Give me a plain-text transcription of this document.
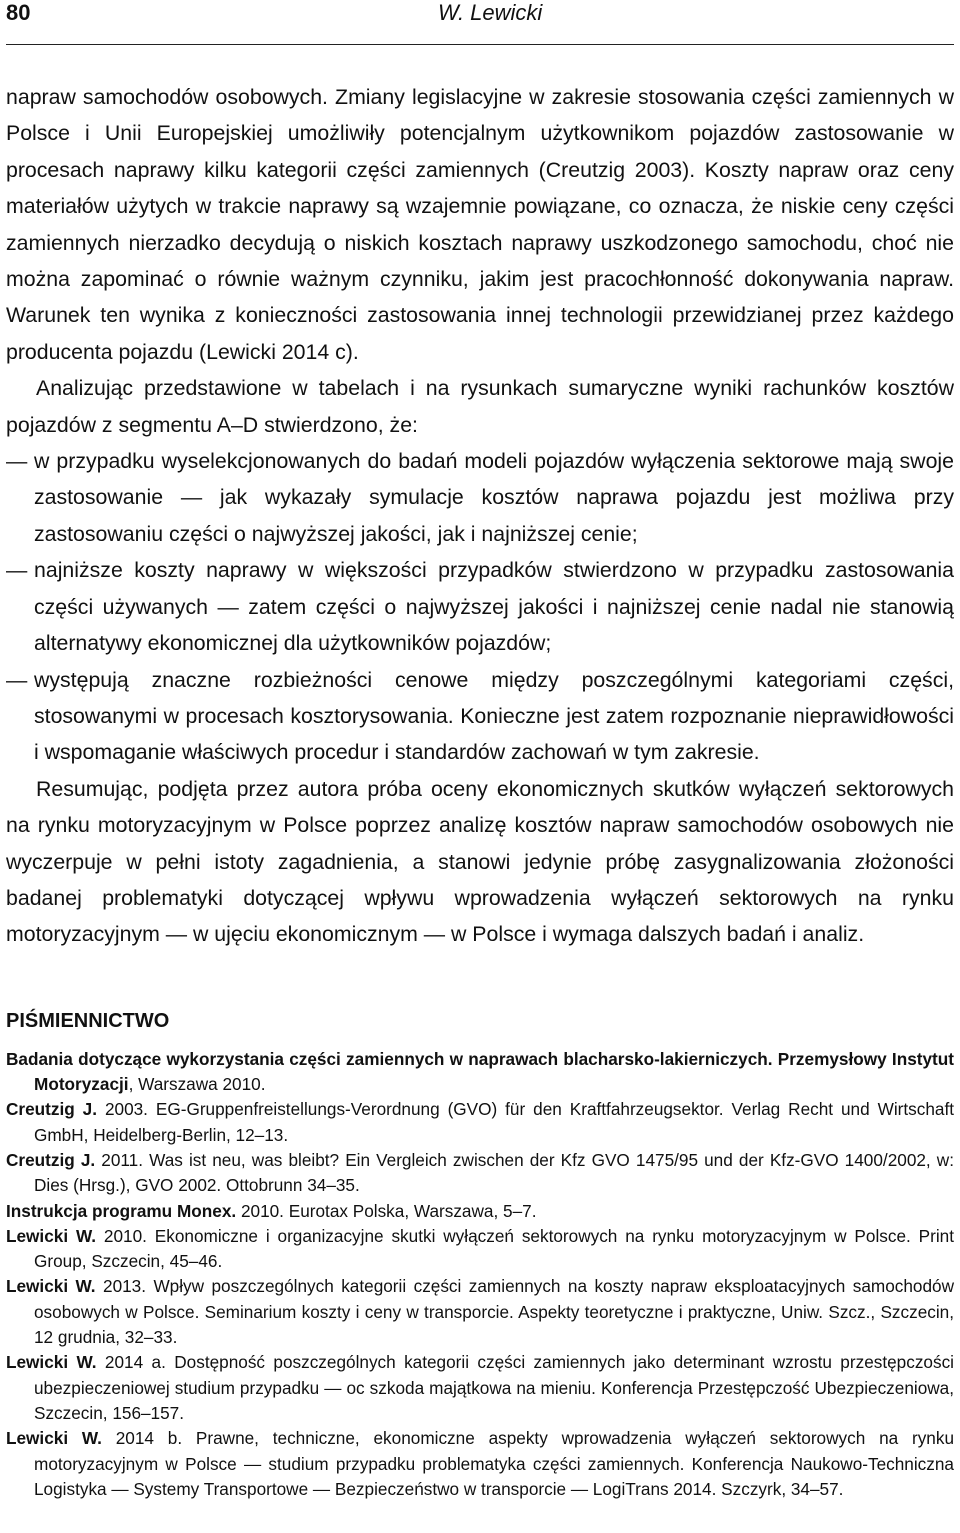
80	W. Lewicki

napraw samochodów osobowych. Zmiany legislacyjne w zakresie stosowania części zamiennych w Polsce i Unii Europejskiej umożliwiły potencjalnym użytkownikom pojazdów zastosowanie w procesach naprawy kilku kategorii części zamiennych (Creutzig 2003). Koszty napraw oraz ceny materiałów użytych w trakcie naprawy są wzajemnie powiązane, co oznacza, że niskie ceny części zamiennych nierzadko decydują o niskich kosztach naprawy uszkodzonego samochodu, choć nie można zapominać o równie ważnym czynniku, jakim jest pracochłonność dokonywania napraw. Warunek ten wynika z konieczności zastosowania innej technologii przewidzianej przez każdego producenta pojazdu (Lewicki 2014 c).

Analizując przedstawione w tabelach i na rysunkach sumaryczne wyniki rachunków kosztów pojazdów z segmentu A–D stwierdzono, że:

— w przypadku wyselekcjonowanych do badań modeli pojazdów wyłączenia sektorowe mają swoje zastosowanie — jak wykazały symulacje kosztów naprawa pojazdu jest możliwa przy zastosowaniu części o najwyższej jakości, jak i najniższej cenie;
— najniższe koszty naprawy w większości przypadków stwierdzono w przypadku zastosowania części używanych — zatem części o najwyższej jakości i najniższej cenie nadal nie stanowią alternatywy ekonomicznej dla użytkowników pojazdów;
— występują znaczne rozbieżności cenowe między poszczególnymi kategoriami części, stosowanymi w procesach kosztorysowania. Konieczne jest zatem rozpoznanie nieprawidłowości i wspomaganie właściwych procedur i standardów zachowań w tym zakresie.

Resumując, podjęta przez autora próba oceny ekonomicznych skutków wyłączeń sektorowych na rynku motoryzacyjnym w Polsce poprzez analizę kosztów napraw samochodów osobowych nie wyczerpuje w pełni istoty zagadnienia, a stanowi jedynie próbę zasygnalizowania złożoności badanej problematyki dotyczącej wpływu wprowadzenia wyłączeń sektorowych na rynku motoryzacyjnym — w ujęciu ekonomicznym — w Polsce i wymaga dalszych badań i analiz.

PIŚMIENNICTWO

Badania dotyczące wykorzystania części zamiennych w naprawach blacharsko-lakierniczych. Przemysłowy Instytut Motoryzacji, Warszawa 2010.

Creutzig J. 2003. EG-Gruppenfreistellungs-Verordnung (GVO) für den Kraftfahrzeugsektor. Verlag Recht und Wirtschaft GmbH, Heidelberg-Berlin, 12–13.

Creutzig J. 2011. Was ist neu, was bleibt? Ein Vergleich zwischen der Kfz GVO 1475/95 und der Kfz-GVO 1400/2002, w: Dies (Hrsg.), GVO 2002. Ottobrunn 34–35.

Instrukcja programu Monex. 2010. Eurotax Polska, Warszawa, 5–7.

Lewicki W. 2010. Ekonomiczne i organizacyjne skutki wyłączeń sektorowych na rynku motoryzacyjnym w Polsce. Print Group, Szczecin, 45–46.

Lewicki W. 2013. Wpływ poszczególnych kategorii części zamiennych na koszty napraw eksploatacyjnych samochodów osobowych w Polsce. Seminarium koszty i ceny w transporcie. Aspekty teoretyczne i praktyczne, Uniw. Szcz., Szczecin, 12 grudnia, 32–33.

Lewicki W. 2014 a. Dostępność poszczególnych kategorii części zamiennych jako determinant wzrostu przestępczości ubezpieczeniowej studium przypadku — oc szkoda majątkowa na mieniu. Konferencja Przestępczość Ubezpieczeniowa, Szczecin, 156–157.

Lewicki W. 2014 b. Prawne, techniczne, ekonomiczne aspekty wprowadzenia wyłączeń sektorowych na rynku motoryzacyjnym w Polsce — studium przypadku problematyka części zamiennych. Konferencja Naukowo-Techniczna Logistyka — Systemy Transportowe — Bezpieczeństwo w transporcie — LogiTrans 2014. Szczyrk, 34–57.
